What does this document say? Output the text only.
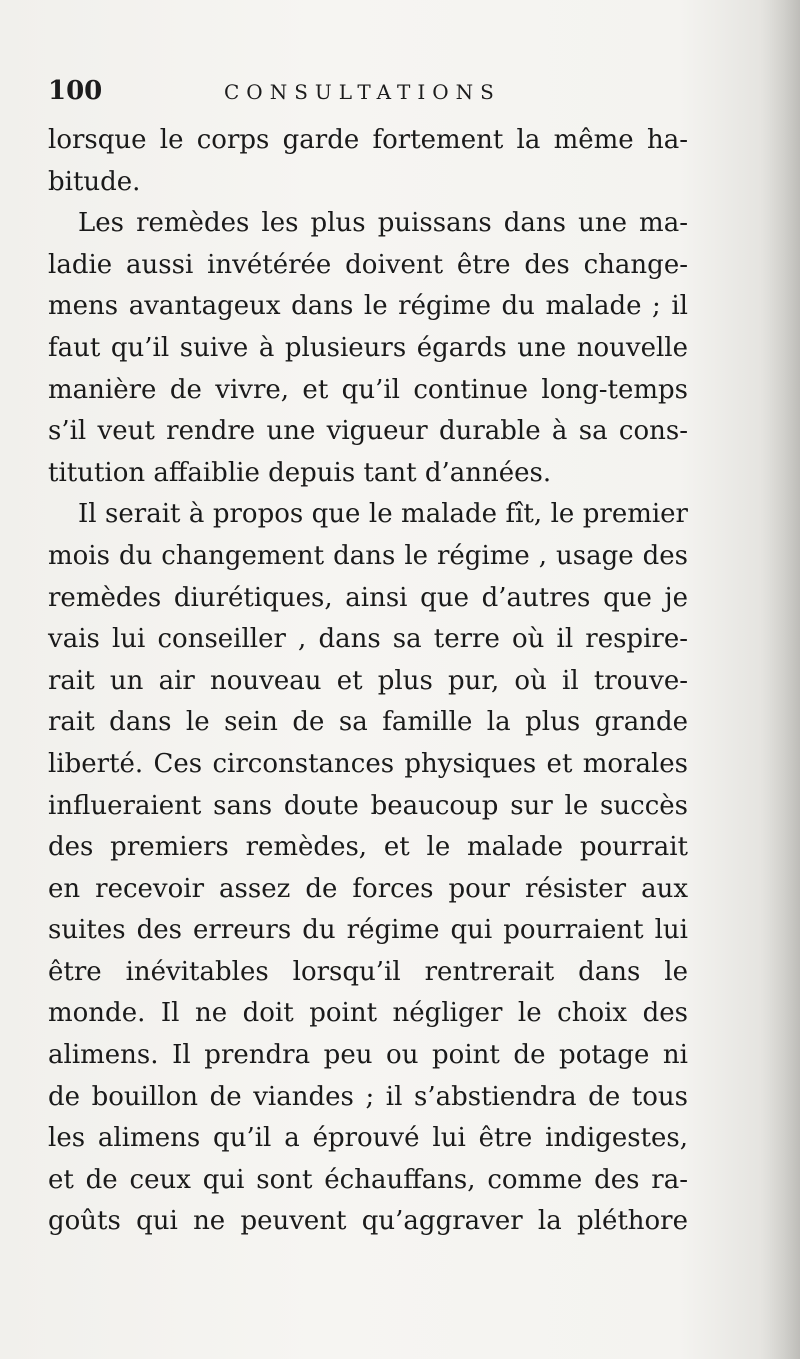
100	CONSULTATIONS
lorsque le corps garde fortement la même ha-
bitude.
Les remèdes les plus puissans dans une ma-
ladie aussi invétérée doivent être des change-
mens avantageux dans le régime du malade ; il
faut qu’il suive à plusieurs égards une nouvelle
manière de vivre, et qu’il continue long-temps
s’il veut rendre une vigueur durable à sa cons-
titution affaiblie depuis tant d’années.
Il serait à propos que le malade fît, le premier
mois du changement dans le régime , usage des
remèdes diurétiques, ainsi que d’autres que je
vais lui conseiller , dans sa terre où il respire-
rait un air nouveau et plus pur, où il trouve-
rait dans le sein de sa famille la plus grande
liberté. Ces circonstances physiques et morales
influeraient sans doute beaucoup sur le succès
des premiers remèdes, et le malade pourrait
en recevoir assez de forces pour résister aux
suites des erreurs du régime qui pourraient lui
être inévitables lorsqu’il rentrerait dans le
monde. Il ne doit point négliger le choix des
alimens. Il prendra peu ou point de potage ni
de bouillon de viandes ; il s’abstiendra de tous
les alimens qu’il a éprouvé lui être indigestes,
et de ceux qui sont échauffans, comme des ra-
goûts qui ne peuvent qu’aggraver la pléthore
